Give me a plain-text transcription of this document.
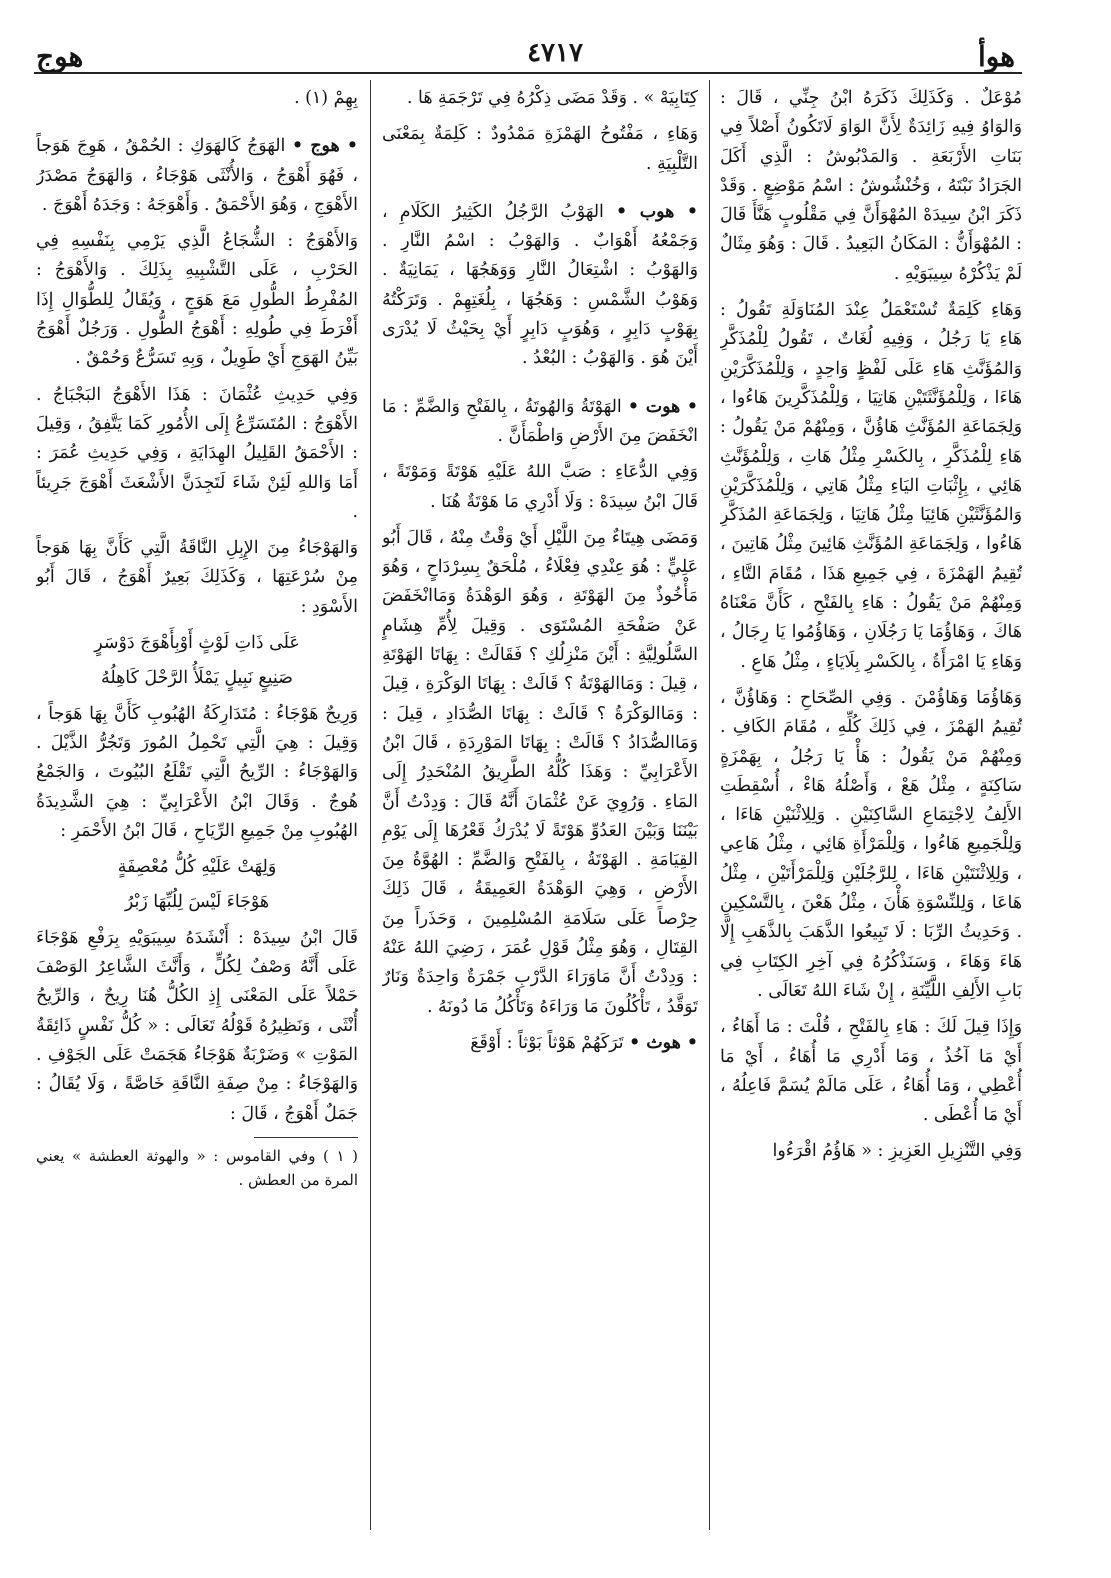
هوأ
٤٧١٧
هوج

مُوْعَلٌ . وَكَذَلِكَ ذَكَرَهُ ابْنُ جِنِّي ، قَالَ : وَالوَاوُ فِيهِ زَائِدَةٌ لِأَنَّ الوَاوَ لَاتَكُونُ أَصْلاً فِي بَنَاتِ الأَرْبَعَةِ . وَالمَدْبُوشُ : الَّذِي أَكَلَ الجَرَادُ نَبْتَهُ ، وَخُنْشُوشُ : اسْمُ مَوْضِعٍ . وَقَدْ ذَكَرَ ابْنُ سِيدَهْ المُهْوَأَنَّ فِي مَقْلُوبٍ هَنَّأَ قَالَ : المُهْوَأَنُّ : المَكَانُ البَعِيدُ . قَالَ : وَهُوَ مِثَالٌ لَمْ يَذْكُرْهُ سِيبَوَيْهِ .

وَهَاءِ كَلِمَةٌ تُسْتَعْمَلُ عِنْدَ المُنَاوَلَةِ تَقُولُ : هَاءِ يَا رَجُلُ ، وَفِيهِ لُغَاتٌ ، تَقُولُ لِلْمُذَكَّرِ وَالمُؤَنَّثِ هَاءِ عَلَى لَفْظٍ وَاحِدٍ ، وَلِلْمُذَكَّرَيْنِ هَاءَا ، وَلِلْمُؤَنَّثَتَيْنِ هَاتِيَا ، وَلِلْمُذَكَّرِينَ هَاءُوا ، وَلِجَمَاعَةِ المُؤَنَّثِ هَاؤُنَّ ، وَمِنْهُمْ مَنْ يَقُولُ : هَاءِ لِلْمُذَكَّرِ ، بِالكَسْرِ مِثْلُ هَاتِ ، وَلِلْمُؤَنَّثِ هَائِي ، بِإِثْبَاتِ اليَاءِ مِثْلُ هَاتِي ، وَلِلْمُذَكَّرَيْنِ وَالمُؤَنَّثَيْنِ هَائِيَا مِثْلُ هَاتِيَا ، وَلِجَمَاعَةِ المُذَكَّرِ هَاءُوا ، وَلِجَمَاعَةِ المُؤَنَّثِ هَائِينَ مِثْلُ هَاتِينَ ، تُقِيمُ الهَمْزَةَ ، فِي جَمِيعِ هَذَا ، مُقَامَ التَّاءِ ، وَمِنْهُمْ مَنْ يَقُولُ : هَاءِ بِالفَتْحِ ، كَأَنَّ مَعْنَاهُ هَاكَ ، وَهَاؤُمَا يَا رَجُلَانِ ، وَهَاؤُمُوا يَا رِجَالُ ، وَهَاءِ يَا امْرَأَةُ ، بِالكَسْرِ بِلَايَاءٍ ، مِثْلُ هَاعِ .

وَهَاؤُمَا وَهَاؤُمْنَ . وَفِي الصِّحَاحِ : وَهَاؤُنَّ ، تُقِيمُ الهَمْزَ ، فِي ذَلِكَ كُلِّهِ ، مُقَامَ الكَافِ . وَمِنْهُمْ مَنْ يَقُولُ : هَأْ يَا رَجُلُ ، بِهَمْزَةٍ سَاكِنَةٍ ، مِثْلُ هَعْ ، وَأَصْلُهُ هَاءْ ، أُسْقِطَتِ الأَلِفُ لِاجْتِمَاعِ السَّاكِنَيْنِ . وَلِلِاثْنَيْنِ هَاءَا ، وَلِلْجَمِيعِ هَاءُوا ، وَلِلْمَرْأَةِ هَائِي ، مِثْلُ هَاعِي ، وَلِلِاثْنَتَيْنِ هَاءَا ، لِلرَّجُلَيْنِ وَلِلْمَرْأَتَيْنِ ، مِثْلُ هَاعَا ، وَلِلنِّسْوَةِ هَأْنَ ، مِثْلُ هَعْنَ ، بِالتَّسْكِينِ . وَحَدِيثُ الرِّبَا : لَا تَبِيعُوا الذَّهَبَ بِالذَّهَبِ إِلَّا هَاءَ وَهَاءَ ، وَسَنَذْكُرُهُ فِي آخِرِ الكِتَابِ فِي بَابِ الأَلِفِ اللَّيِّنَةِ ، إِنْ شَاءَ اللهُ تَعَالَى .

وَإِذَا قِيلَ لَكَ : هَاءِ بِالفَتْحِ ، قُلْتَ : مَا أَهَاءُ ، أَيْ مَا آخُذُ ، وَمَا أَدْرِي مَا أُهَاءُ ، أَيْ مَا أُعْطِي ، وَمَا أُهَاءُ ، عَلَى مَالَمْ يُسَمَّ فَاعِلُهُ ، أَيْ مَا أُعْطَى .

وَفِي التَّنْزِيلِ العَزِيزِ : « هَاؤُمُ اقْرَءُوا

كِتَابِيَهْ » . وَقَدْ مَضَى ذِكْرُهُ فِي تَرْجَمَةِ هَا .

وَهَاءِ ، مَفْتُوحُ الهَمْزَةِ مَمْدُودٌ : كَلِمَةٌ بِمَعْنَى التَّلْبِيَةِ .

• هوب • الهَوْبُ الرَّجُلُ الكَثِيرُ الكَلَامِ ، وَجَمْعُهُ أَهْوَابٌ . وَالهَوْبُ : اسْمُ النَّارِ . وَالهَوْبُ : اشْتِعَالُ النَّارِ وَوَهَجُهَا ، يَمَانِيَةٌ . وَهَوْبُ الشَّمْسِ : وَهَجُهَا ، بِلُغَتِهِمْ . وَتَرَكْتُهُ بِهَوْبٍ دَابِرٍ ، وَهُوَبٍ دَابِرٍ أَيْ بِحَيْثُ لَا يُدْرَى أَيْنَ هُوَ . وَالهَوْبُ : البُعْدُ .

• هوت • الهَوْتَةُ وَالهُوتَةُ ، بِالفَتْحِ وَالضَّمِّ : مَا انْخَفَضَ مِنَ الأَرْضِ وَاطْمَأَنَّ .

وَفِي الدُّعَاءِ : صَبَّ اللهُ عَلَيْهِ هَوْتَةً وَمَوْتَةً ، قَالَ ابْنُ سِيدَهْ : وَلَا أَدْرِي مَا هَوْتَةٌ هُنَا .

وَمَضَى هِيتَاءٌ مِنَ اللَّيْلِ أَيْ وَقْتٌ مِنْهُ ، قَالَ أَبُو عَلِيٍّ : هُوَ عِنْدِي فِعْلَاءُ ، مُلْحَقٌ بِسِرْدَاحٍ ، وَهُوَ مَأْخُوذٌ مِنَ الهَوْتَةِ ، وَهُوَ الوَهْدَةُ وَمَاانْخَفَضَ عَنْ صَفْحَةِ المُسْتَوَى . وَقِيلَ لِأُمِّ هِشَامٍ السَّلُولِيَّةِ : أَيْنَ مَنْزِلُكِ ؟ فَقَالَتْ : بِهَاتَا الهَوْتَةِ ، قِيلَ : وَمَاالهَوْتَةُ ؟ قَالَتْ : بِهَاتَا الوَكْرَةِ ، قِيلَ : وَمَاالوَكْرَةُ ؟ قَالَتْ : بِهَاتَا الصُّدَادِ ، قِيلَ : وَمَاالصُّدَادُ ؟ قَالَتْ : بِهَاتَا المَوْرِدَةِ ، قَالَ ابْنُ الأَعْرَابِيِّ : وَهَذَا كُلُّهُ الطَّرِيقُ المُنْحَدِرُ إِلَى المَاءِ . وَرُوِيَ عَنْ عُثْمَانَ أَنَّهُ قَالَ : وَدِدْتُ أَنَّ بَيْنَنَا وَبَيْنَ العَدُوِّ هَوْتَةً لَا يُدْرَكُ قَعْرُهَا إِلَى يَوْمِ القِيَامَةِ . الهَوْتَةُ ، بِالفَتْحِ وَالضَّمِّ : الهُوَّةُ مِنَ الأَرْضِ ، وَهِيَ الوَهْدَةُ العَمِيقَةُ ، قَالَ ذَلِكَ حِرْصاً عَلَى سَلَامَةِ المُسْلِمِينَ ، وَحَذَراً مِنَ القِتَالِ ، وَهُوَ مِثْلُ قَوْلِ عُمَرَ ، رَضِيَ اللهُ عَنْهُ : وَدِدْتُ أَنَّ مَاوَرَاءَ الدَّرْبِ جَمْرَةٌ وَاحِدَةٌ وَنَارٌ تَوَقَّدُ ، تَأْكُلُونَ مَا وَرَاءَهُ وَتَأْكُلُ مَا دُونَهُ .

• هوث • تَرَكَهُمْ هَوْثاً بَوْثاً : أَوْقَعَ

بِهِمْ (١) .

• هوج • الهَوَجُ كَالهَوَكِ : الحُمْقُ ، هَوِجَ هَوَجاً ، فَهُوَ أَهْوَجُ ، وَالأُنْثَى هَوْجَاءُ ، وَالهَوَجُ مَصْدَرُ الأَهْوَجِ ، وَهُوَ الأَحْمَقُ . وَأَهْوَجَهُ : وَجَدَهُ أَهْوَجَ .

وَالأَهْوَجُ : الشُّجَاعُ الَّذِي يَرْمِي بِنَفْسِهِ فِي الحَرْبِ ، عَلَى التَّشْبِيهِ بِذَلِكَ . وَالأَهْوَجُ : المُفْرِطُ الطُّولِ مَعَ هَوَجٍ ، وَيُقَالُ لِلطُّوَالِ إِذَا أَفْرَطَ فِي طُولِهِ : أَهْوَجُ الطُّولِ . وَرَجُلٌ أَهْوَجُ بَيِّنُ الهَوَجِ أَيْ طَوِيلٌ ، وَبِهِ تَسَرُّعٌ وَحُمْقٌ .

وَفِي حَدِيثِ عُثْمَانَ : هَذَا الأَهْوَجُ البَجْبَاجُ . الأَهْوَجُ : المُتَسَرِّعُ إِلَى الأُمُورِ كَمَا يَتَّفِقُ ، وَقِيلَ : الأَحْمَقُ القَلِيلُ الهِدَايَةِ ، وَفِي حَدِيثِ عُمَرَ : أَمَا وَاللهِ لَئِنْ شَاءَ لَتَجِدَنَّ الأَشْعَثَ أَهْوَجَ جَرِيئاً .

وَالهَوْجَاءُ مِنَ الإِبِلِ النَّاقَةُ الَّتِي كَأَنَّ بِهَا هَوَجاً مِنْ سُرْعَتِهَا ، وَكَذَلِكَ بَعِيرٌ أَهْوَجُ ، قَالَ أَبُو الأَسْوَدِ :

عَلَى ذَاتِ لَوْثٍ أَوْبِأَهْوَجَ دَوْسَرٍ
صَنِيعٍ نَبِيلٍ يَمْلَأُ الرَّحْلَ كَاهِلُهُ

وَرِيحٌ هَوْجَاءُ : مُتَدَارِكَةُ الهُبُوبِ كَأَنَّ بِهَا هَوَجاً ، وَقِيلَ : هِيَ الَّتِي تَحْمِلُ المُورَ وَتَجُرُّ الذَّيْلَ . وَالهَوْجَاءُ : الرِّيحُ الَّتِي تَقْلَعُ البُيُوتَ ، وَالجَمْعُ هُوجٌ . وَقَالَ ابْنُ الأَعْرَابِيِّ : هِيَ الشَّدِيدَةُ الهُبُوبِ مِنْ جَمِيعِ الرِّيَاحِ ، قَالَ ابْنُ الأَحْمَرِ :

وَلِهَتْ عَلَيْهِ كُلُّ مُعْصِفَةٍ
هَوْجَاءَ لَيْسَ لِلُبِّهَا زَبْرُ

قَالَ ابْنُ سِيدَهْ : أَنْشَدَهُ سِيبَوَيْهِ بِرَفْعِ هَوْجَاءَ عَلَى أَنَّهُ وَصْفٌ لِكُلٍّ ، وَأَنَّثَ الشَّاعِرُ الوَصْفَ حَمْلاً عَلَى المَعْنَى إِذِ الكُلُّ هُنَا رِيحٌ ، وَالرِّيحُ أُنْثَى ، وَنَظِيرُهُ قَوْلُهُ تَعَالَى : « كُلُّ نَفْسٍ ذَائِقَةُ المَوْتِ » وَضَرْبَةٌ هَوْجَاءُ هَجَمَتْ عَلَى الجَوْفِ . وَالهَوْجَاءُ : مِنْ صِفَةِ النَّاقَةِ خَاصَّةً ، وَلَا يُقَالُ : جَمَلٌ أَهْوَجُ ، قَالَ :

( ١ ) وفي القاموس : « والهوثة العطشة » يعني المرة من العطش .
